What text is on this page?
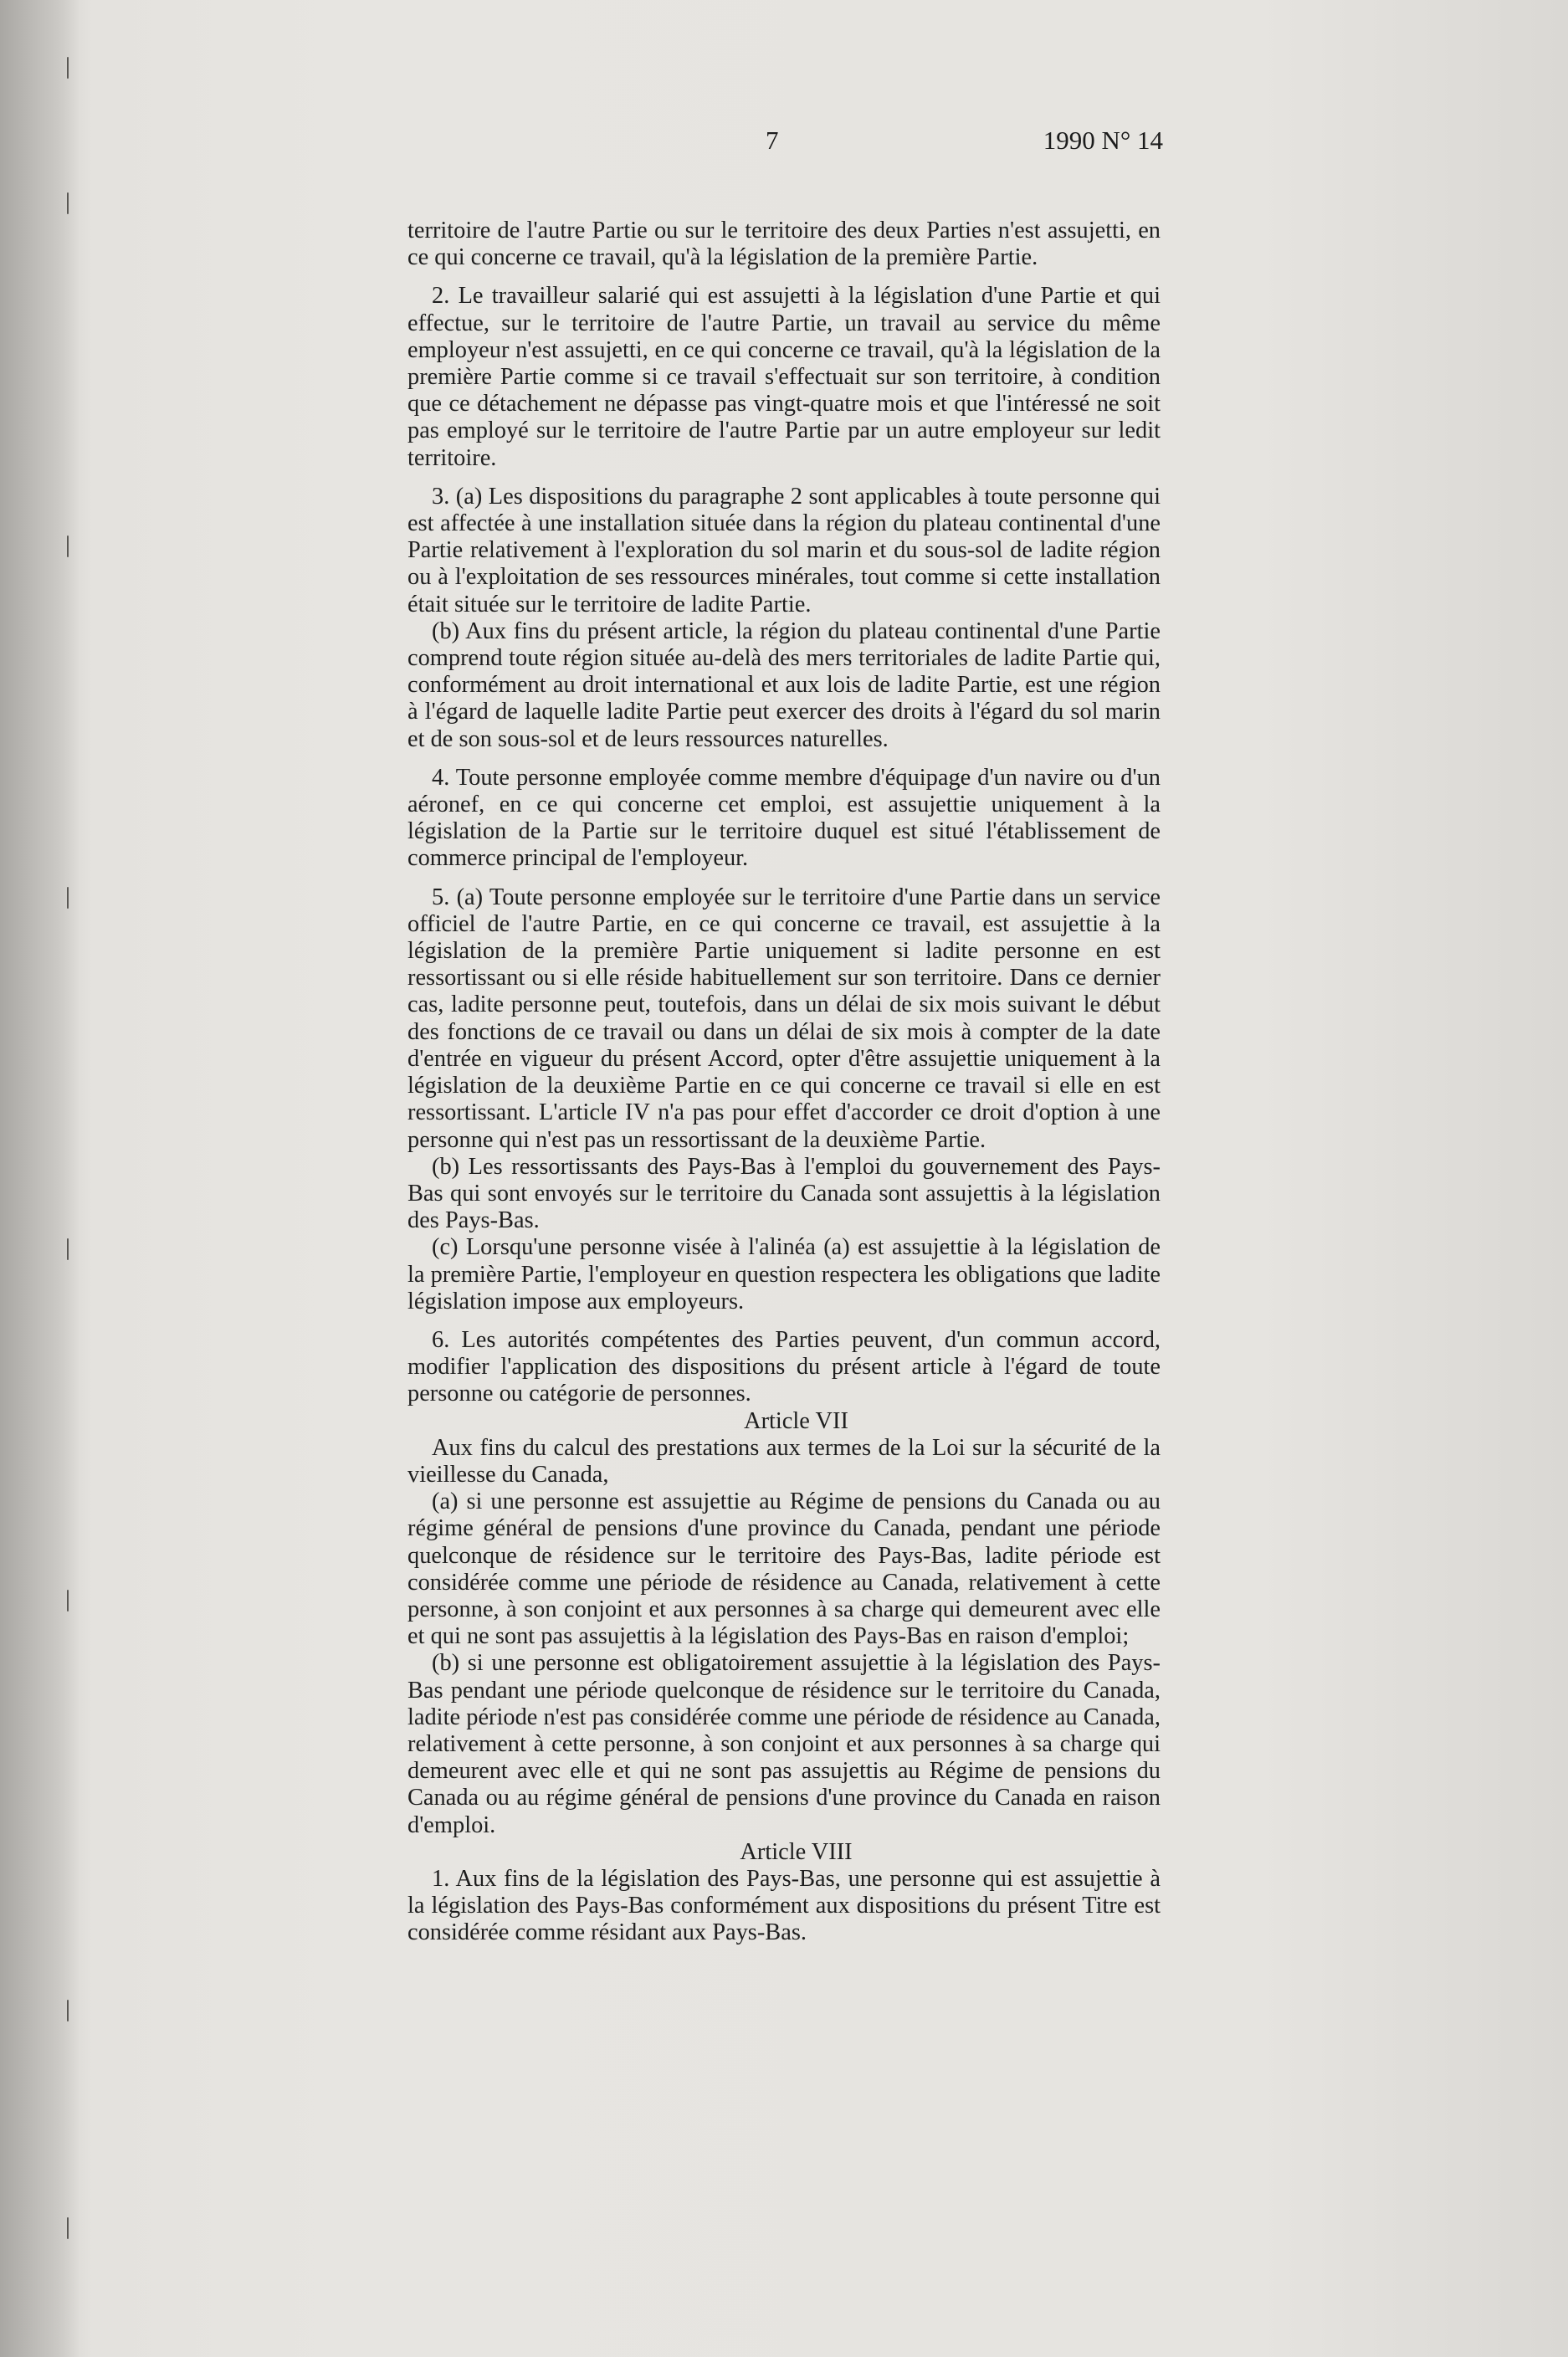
7	1990 N° 14

territoire de l'autre Partie ou sur le territoire des deux Parties n'est assujetti, en ce qui concerne ce travail, qu'à la législation de la première Partie.

2. Le travailleur salarié qui est assujetti à la législation d'une Partie et qui effectue, sur le territoire de l'autre Partie, un travail au service du même employeur n'est assujetti, en ce qui concerne ce travail, qu'à la législation de la première Partie comme si ce travail s'effectuait sur son territoire, à condition que ce détachement ne dépasse pas vingt-quatre mois et que l'intéressé ne soit pas employé sur le territoire de l'autre Partie par un autre employeur sur ledit territoire.

3. (a) Les dispositions du paragraphe 2 sont applicables à toute personne qui est affectée à une installation située dans la région du plateau continental d'une Partie relativement à l'exploration du sol marin et du sous-sol de ladite région ou à l'exploitation de ses ressources minérales, tout comme si cette installation était située sur le territoire de ladite Partie.

(b) Aux fins du présent article, la région du plateau continental d'une Partie comprend toute région située au-delà des mers territoriales de ladite Partie qui, conformément au droit international et aux lois de ladite Partie, est une région à l'égard de laquelle ladite Partie peut exercer des droits à l'égard du sol marin et de son sous-sol et de leurs ressources naturelles.

4. Toute personne employée comme membre d'équipage d'un navire ou d'un aéronef, en ce qui concerne cet emploi, est assujettie uniquement à la législation de la Partie sur le territoire duquel est situé l'établissement de commerce principal de l'employeur.

5. (a) Toute personne employée sur le territoire d'une Partie dans un service officiel de l'autre Partie, en ce qui concerne ce travail, est assujettie à la législation de la première Partie uniquement si ladite personne en est ressortissant ou si elle réside habituellement sur son territoire. Dans ce dernier cas, ladite personne peut, toutefois, dans un délai de six mois suivant le début des fonctions de ce travail ou dans un délai de six mois à compter de la date d'entrée en vigueur du présent Accord, opter d'être assujettie uniquement à la législation de la deuxième Partie en ce qui concerne ce travail si elle en est ressortissant. L'article IV n'a pas pour effet d'accorder ce droit d'option à une personne qui n'est pas un ressortissant de la deuxième Partie.

(b) Les ressortissants des Pays-Bas à l'emploi du gouvernement des Pays-Bas qui sont envoyés sur le territoire du Canada sont assujettis à la législation des Pays-Bas.

(c) Lorsqu'une personne visée à l'alinéa (a) est assujettie à la législation de la première Partie, l'employeur en question respectera les obligations que ladite législation impose aux employeurs.

6. Les autorités compétentes des Parties peuvent, d'un commun accord, modifier l'application des dispositions du présent article à l'égard de toute personne ou catégorie de personnes.

Article VII

Aux fins du calcul des prestations aux termes de la Loi sur la sécurité de la vieillesse du Canada,

(a) si une personne est assujettie au Régime de pensions du Canada ou au régime général de pensions d'une province du Canada, pendant une période quelconque de résidence sur le territoire des Pays-Bas, ladite période est considérée comme une période de résidence au Canada, relativement à cette personne, à son conjoint et aux personnes à sa charge qui demeurent avec elle et qui ne sont pas assujettis à la législation des Pays-Bas en raison d'emploi;

(b) si une personne est obligatoirement assujettie à la législation des Pays-Bas pendant une période quelconque de résidence sur le territoire du Canada, ladite période n'est pas considérée comme une période de résidence au Canada, relativement à cette personne, à son conjoint et aux personnes à sa charge qui demeurent avec elle et qui ne sont pas assujettis au Régime de pensions du Canada ou au régime général de pensions d'une province du Canada en raison d'emploi.

Article VIII

1. Aux fins de la législation des Pays-Bas, une personne qui est assujettie à la législation des Pays-Bas conformément aux dispositions du présent Titre est considérée comme résidant aux Pays-Bas.
